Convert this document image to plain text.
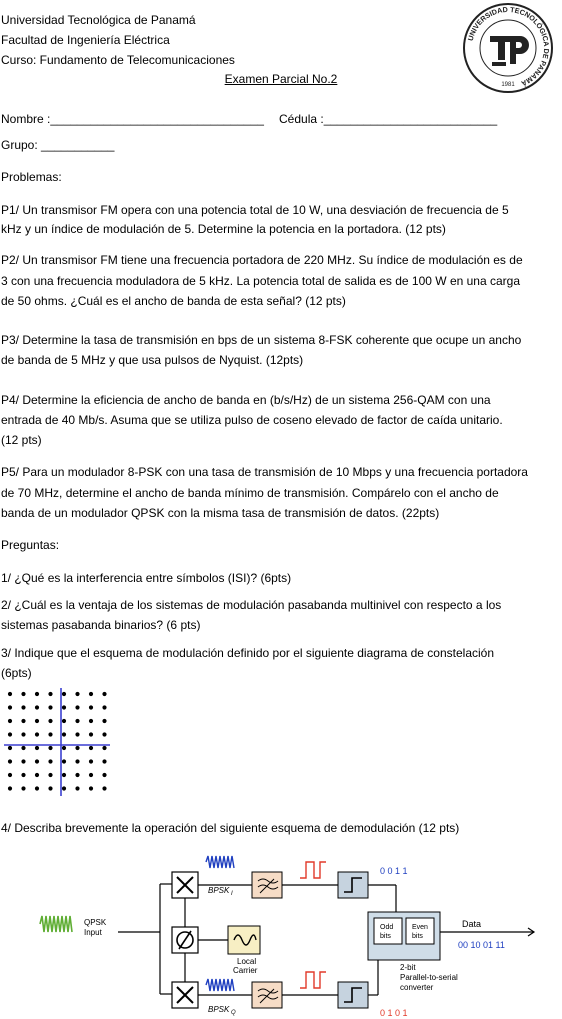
Universidad Tecnológica de Panamá
Facultad de Ingeniería Eléctrica
Curso: Fundamento de Telecomunicaciones
Examen Parcial No.2
UNIVERSIDAD TECNOLÓGICA DE PANAMÁ
1981
Nombre :________________________________ Cédula :__________________________
Grupo: ___________
Problemas:
P1/ Un transmisor FM opera con una potencia total de 10 W, una desviación de frecuencia de 5
kHz y un índice de modulación de 5. Determine la potencia en la portadora. (12 pts)
P2/ Un transmisor FM tiene una frecuencia portadora de 220 MHz. Su índice de modulación es de
3 con una frecuencia moduladora de 5 kHz. La potencia total de salida es de 100 W en una carga
de 50 ohms. ¿Cuál es el ancho de banda de esta señal? (12 pts)
P3/ Determine la tasa de transmisión en bps de un sistema 8-FSK coherente que ocupe un ancho
de banda de 5 MHz y que usa pulsos de Nyquist. (12pts)
P4/ Determine la eficiencia de ancho de banda en (b/s/Hz) de un sistema 256-QAM con una
entrada de 40 Mb/s. Asuma que se utiliza pulso de coseno elevado de factor de caída unitario.
(12 pts)
P5/ Para un modulador 8-PSK con una tasa de transmisión de 10 Mbps y una frecuencia portadora
de 70 MHz, determine el ancho de banda mínimo de transmisión. Compárelo con el ancho de
banda de un modulador QPSK con la misma tasa de transmisión de datos. (22pts)
Preguntas:
1/ ¿Qué es la interferencia entre símbolos (ISI)? (6pts)
2/ ¿Cuál es la ventaja de los sistemas de modulación pasabanda multinivel con respecto a los
sistemas pasabanda binarios? (6 pts)
3/ Indique que el esquema de modulación definido por el siguiente diagrama de constelación
(6pts)
4/ Describa brevemente la operación del siguiente esquema de demodulación (12 pts)
QPSK
Input
Local
Carrier
BPSK I
BPSK Q
0 0 1 1
0 1 0 1
Odd
bits
Even
bits
2-bit
Parallel-to-serial
converter
Data
00 10 01 11
